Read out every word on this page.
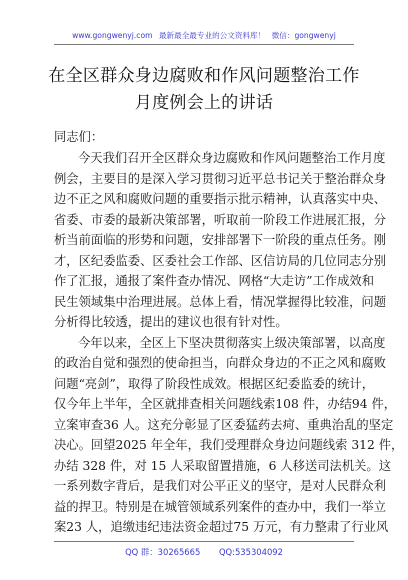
www.gongwenyj.com 最新最全最专业的公文资料库！ 微信：gongwenyj
在全区群众身边腐败和作风问题整治工作月度例会上的讲话
同志们：
今天我们召开全区群众身边腐败和作风问题整治工作月度
例会，主要目的是深入学习贯彻习近平总书记关于整治群众身
边不正之风和腐败问题的重要指示批示精神，认真落实中央、
省委、市委的最新决策部署，听取前一阶段工作进展汇报，分
析当前面临的形势和问题，安排部署下一阶段的重点任务。刚
才，区纪委监委、区委社会工作部、区信访局的几位同志分别
作了汇报，通报了案件查办情况、网格“大走访”工作成效和
民生领域集中治理进展。总体上看，情况掌握得比较准，问题
分析得比较透，提出的建议也很有针对性。
今年以来，全区上下坚决贯彻落实上级决策部署，以高度
的政治自觉和强烈的使命担当，向群众身边的不正之风和腐败
问题“亮剑”，取得了阶段性成效。根据区纪委监委的统计，
仅今年上半年，全区就排查相关问题线索108 件，办结94 件，
立案审查36 人。这充分彰显了区委猛药去疴、重典治乱的坚定
决心。回望2025 年全年，我们受理群众身边问题线索 312 件，
办结 328 件，对 15 人采取留置措施，6 人移送司法机关。这
一系列数字背后，是我们对公平正义的坚守，是对人民群众利
益的捍卫。特别是在城管领域系列案件的查办中，我们一举立
案23 人，追缴违纪违法资金超过75 万元，有力整肃了行业风
QQ 群：30265665 QQ:535304092
